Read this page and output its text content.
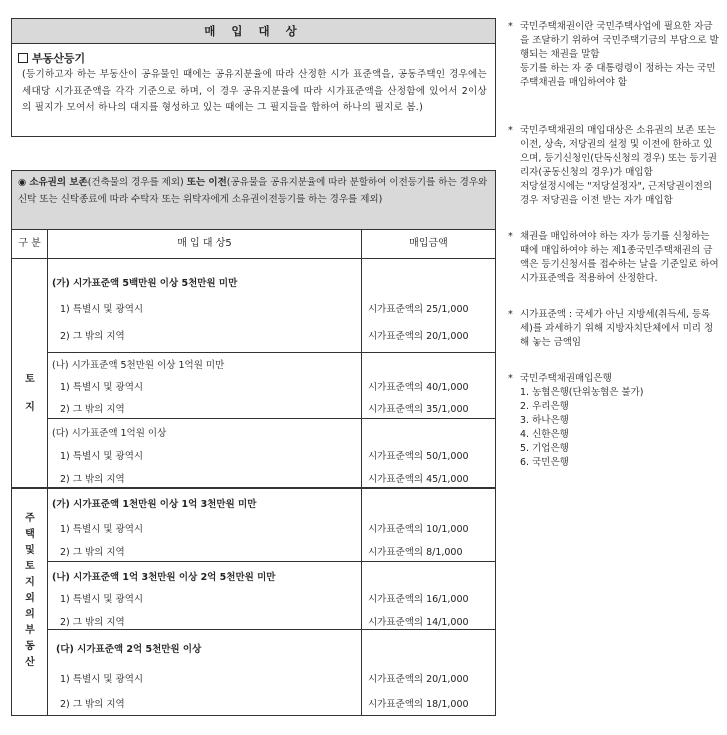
매 입 대 상
부동산등기
(등기하고자 하는 부동산이 공유물인 때에는 공유지분율에 따라 산정한 시가 표준액을, 공동주택인 경우에는 세대당 시가표준액을 각각 기준으로 하며, 이 경우 공유지분율에 따라 시가표준액을 산정함에 있어서 2이상의 필지가 모여서 하나의 대지를 형성하고 있는 때에는 그 필지들을 합하여 하나의 필지로 봄.)
◉ 소유권의 보존(건축물의 경우를 제외) 또는 이전(공유물을 공유지분율에 따라 분할하여 이전등기를 하는 경우와 신탁 또는 신탁종료에 따라 수탁자 또는 위탁자에게 소유권이전등기를 하는 경우를 제외)
구 분	매 입 대 상5	매입금액
토 지
주택 및 토지외의 부동산
(가) 시가표준액 5백만원 이상 5천만원 미만
1) 특별시 및 광역시	시가표준액의 25/1,000
2) 그 밖의 지역	시가표준액의 20/1,000
(나) 시가표준액 5천만원 이상 1억원 미만
1) 특별시 및 광역시	시가표준액의 40/1,000
2) 그 밖의 지역	시가표준액의 35/1,000
(다) 시가표준액 1억원 이상
1) 특별시 및 광역시	시가표준액의 50/1,000
2) 그 밖의 지역	시가표준액의 45/1,000
(가) 시가표준액 1천만원 이상 1억 3천만원 미만
1) 특별시 및 광역시	시가표준액의 10/1,000
2) 그 밖의 지역	시가표준액의 8/1,000
(나) 시가표준액 1억 3천만원 이상 2억 5천만원 미만
1) 특별시 및 광역시	시가표준액의 16/1,000
2) 그 밖의 지역	시가표준액의 14/1,000
(다) 시가표준액 2억 5천만원 이상
1) 특별시 및 광역시	시가표준액의 20/1,000
2) 그 밖의 지역	시가표준액의 18/1,000
* 국민주택채권이란 국민주택사업에 필요한 자금을 조달하기 위하여 국민주택기금의 부담으로 발행되는 채권을 말함
등기를 하는 자 중 대통령령이 정하는 자는 국민주택채권을 매입하여야 함

* 국민주택채권의 매입대상은 소유권의 보존 또는 이전, 상속, 저당권의 설정 및 이전에 한하고 있으며, 등기신청인(단독신청의 경우) 또는 등기권리자(공동신청의 경우)가 매입함
저당설정시에는 "저당설정자", 근저당권이전의 경우 저당권을 이전 받는 자가 매입함

* 채권을 매입하여야 하는 자가 등기를 신청하는 때에 매입하여야 하는 제1종국민주택채권의 금액은 등기신청서를 접수하는 날을 기준일로 하여 시가표준액을 적용하여 산정한다.

* 시가표준액 : 국세가 아닌 지방세(취득세, 등록세)를 과세하기 위해 지방자치단체에서 미리 정해 놓는 금액임

* 국민주택채권매입은행
1. 농협은행(단위농협은 불가)
2. 우리은행
3. 하나은행
4. 신한은행
5. 기업은행
6. 국민은행
